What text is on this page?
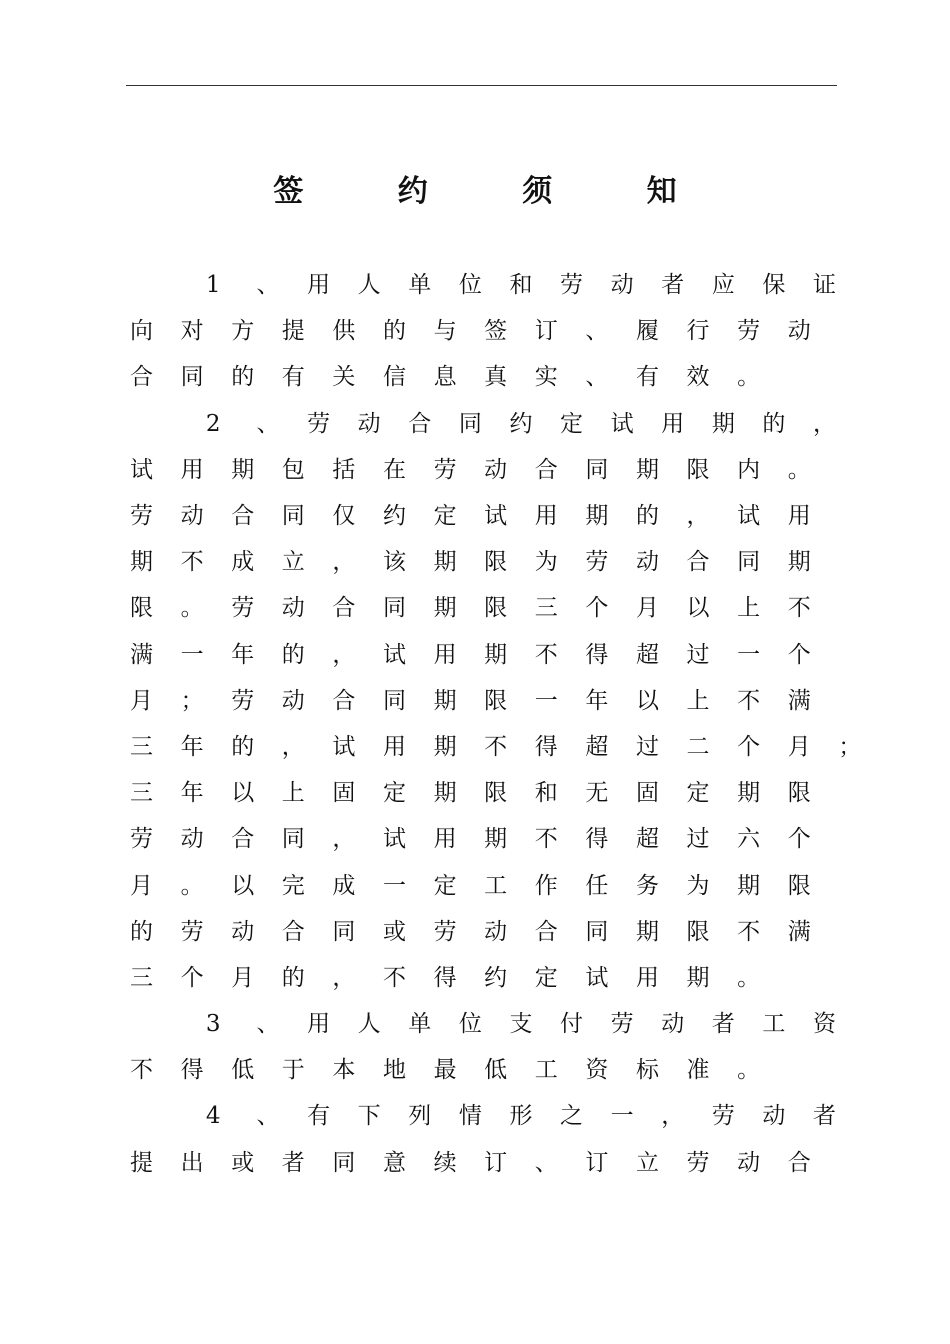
签 约 须 知
1	、	用	人	单	位	和	劳	动	者	应	保	证
向	对	方	提	供	的	与	签	订	、	履	行	劳	动
合	同	的	有	关	信	息	真	实	、	有	效	。
2	、	劳	动	合	同	约	定	试	用	期	的	，
试	用	期	包	括	在	劳	动	合	同	期	限	内	。
劳	动	合	同	仅	约	定	试	用	期	的	，	试	用
期	不	成	立	，	该	期	限	为	劳	动	合	同	期
限	。	劳	动	合	同	期	限	三	个	月	以	上	不
满	一	年	的	，	试	用	期	不	得	超	过	一	个
月	；	劳	动	合	同	期	限	一	年	以	上	不	满
三	年	的	，	试	用	期	不	得	超	过	二	个	月	；
三	年	以	上	固	定	期	限	和	无	固	定	期	限
劳	动	合	同	，	试	用	期	不	得	超	过	六	个
月	。	以	完	成	一	定	工	作	任	务	为	期	限
的	劳	动	合	同	或	劳	动	合	同	期	限	不	满
三	个	月	的	，	不	得	约	定	试	用	期	。
3	、	用	人	单	位	支	付	劳	动	者	工	资
不	得	低	于	本	地	最	低	工	资	标	准	。
4	、	有	下	列	情	形	之	一	，	劳	动	者
提	出	或	者	同	意	续	订	、	订	立	劳	动	合
